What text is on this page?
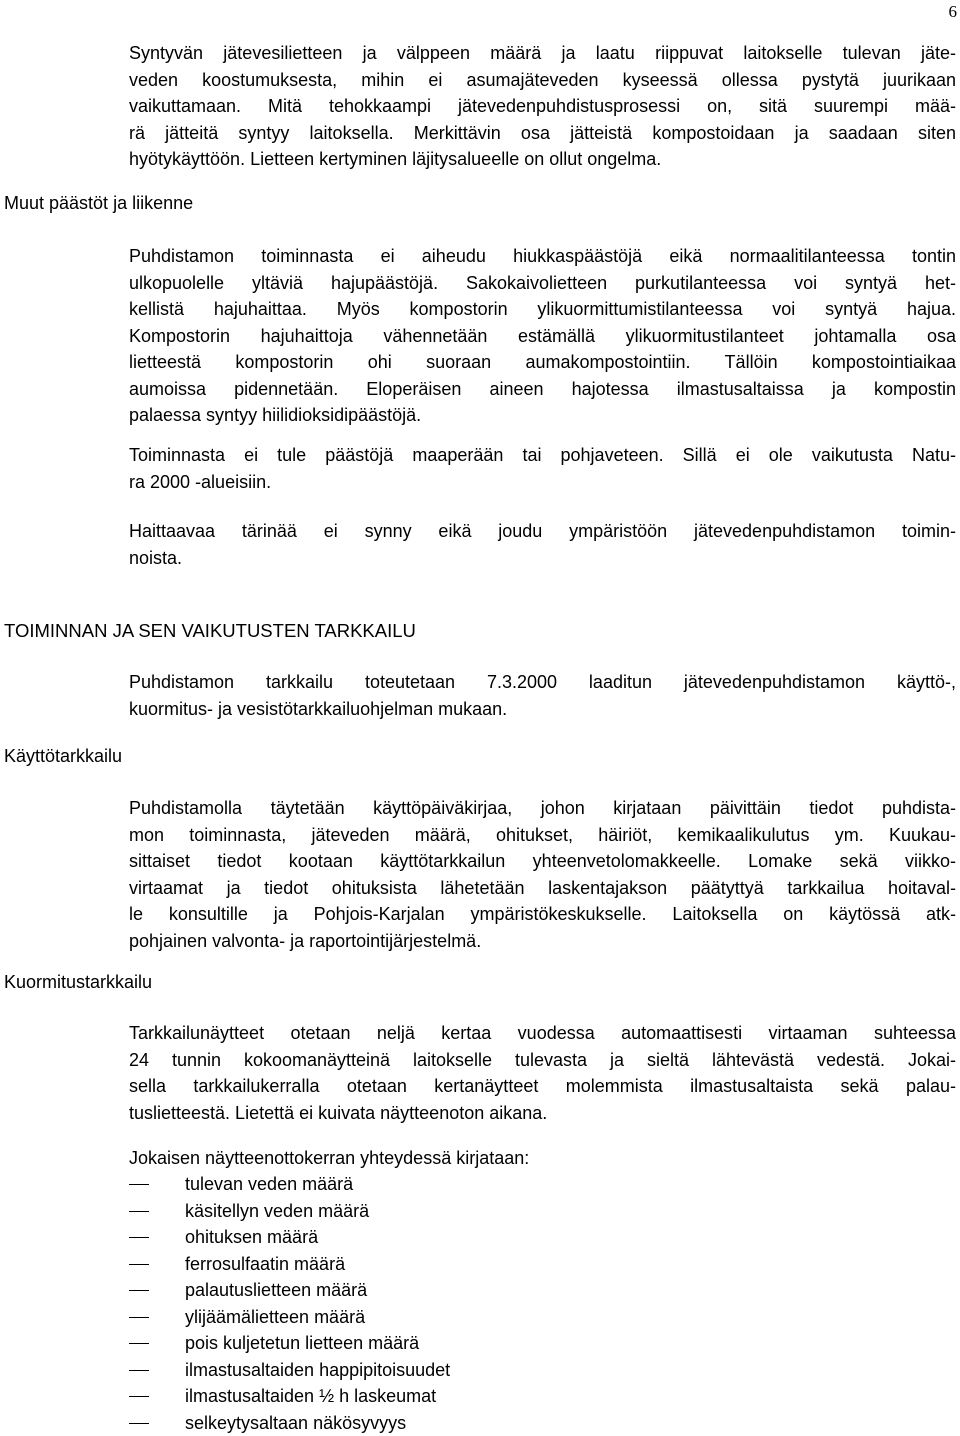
6
Muut päästöt ja liikenne
TOIMINNAN JA SEN VAIKUTUSTEN TARKKAILU
Käyttötarkkailu
Kuormitustarkkailu
Syntyvän jätevesilietteen ja välppeen määrä ja laatu riippuvat laitokselle tulevan jäte-
veden koostumuksesta, mihin ei asumajäteveden kyseessä ollessa pystytä juurikaan
vaikuttamaan. Mitä tehokkaampi jätevedenpuhdistusprosessi on, sitä suurempi mää-
rä jätteitä syntyy laitoksella. Merkittävin osa jätteistä kompostoidaan ja saadaan siten
hyötykäyttöön. Lietteen kertyminen läjitysalueelle on ollut ongelma.
Puhdistamon toiminnasta ei aiheudu hiukkaspäästöjä eikä normaalitilanteessa tontin
ulkopuolelle yltäviä hajupäästöjä. Sakokaivolietteen purkutilanteessa voi syntyä het-
kellistä hajuhaittaa. Myös kompostorin ylikuormittumistilanteessa voi syntyä hajua.
Kompostorin hajuhaittoja vähennetään estämällä ylikuormitustilanteet johtamalla osa
lietteestä kompostorin ohi suoraan aumakompostointiin. Tällöin kompostointiaikaa
aumoissa pidennetään. Eloperäisen aineen hajotessa ilmastusaltaissa ja kompostin
palaessa syntyy hiilidioksidipäästöjä.
Toiminnasta ei tule päästöjä maaperään tai pohjaveteen. Sillä ei ole vaikutusta Natu-
ra 2000 -alueisiin.
Haittaavaa tärinää ei synny eikä joudu ympäristöön jätevedenpuhdistamon toimin-
noista.
Puhdistamon tarkkailu toteutetaan 7.3.2000 laaditun jätevedenpuhdistamon käyttö-,
kuormitus- ja vesistötarkkailuohjelman mukaan.
Puhdistamolla täytetään käyttöpäiväkirjaa, johon kirjataan päivittäin tiedot puhdista-
mon toiminnasta, jäteveden määrä, ohitukset, häiriöt, kemikaalikulutus ym. Kuukau-
sittaiset tiedot kootaan käyttötarkkailun yhteenvetolomakkeelle. Lomake sekä viikko-
virtaamat ja tiedot ohituksista lähetetään laskentajakson päätyttyä tarkkailua hoitaval-
le konsultille ja Pohjois-Karjalan ympäristökeskukselle. Laitoksella on käytössä atk-
pohjainen valvonta- ja raportointijärjestelmä.
Tarkkailunäytteet otetaan neljä kertaa vuodessa automaattisesti virtaaman suhteessa
24 tunnin kokoomanäytteinä laitokselle tulevasta ja sieltä lähtevästä vedestä. Jokai-
sella tarkkailukerralla otetaan kertanäytteet molemmista ilmastusaltaista sekä palau-
tuslietteestä. Lietettä ei kuivata näytteenoton aikana.

Jokaisen näytteenottokerran yhteydessä kirjataan:

tulevan veden määrä
käsitellyn veden määrä
ohituksen määrä
ferrosulfaatin määrä
palautuslietteen määrä
ylijäämälietteen määrä
pois kuljetetun lietteen määrä
ilmastusaltaiden happipitoisuudet
ilmastusaltaiden ½ h laskeumat
selkeytysaltaan näkösyvyys
